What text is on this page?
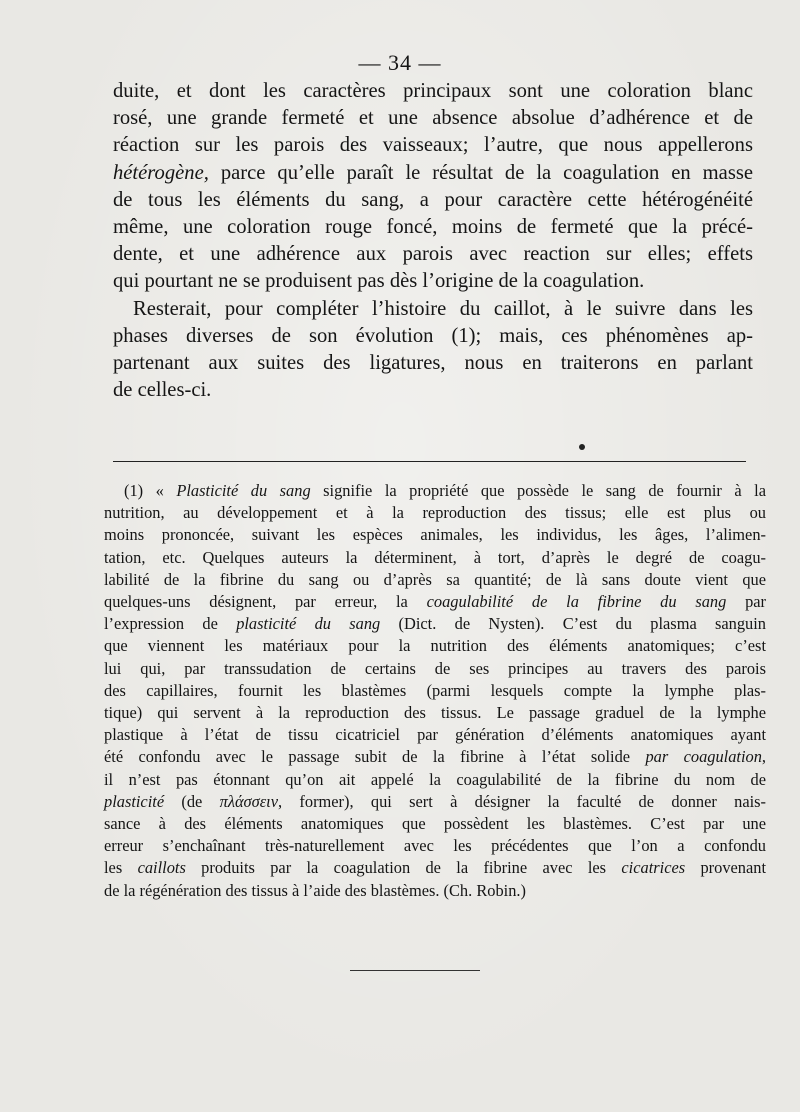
— 34 —
duite, et dont les caractères principaux sont une coloration blanc
rosé, une grande fermeté et une absence absolue d’adhérence et de
réaction sur les parois des vaisseaux; l’autre, que nous appellerons
hétérogène, parce qu’elle paraît le résultat de la coagulation en masse
de tous les éléments du sang, a pour caractère cette hétérogénéité
même, une coloration rouge foncé, moins de fermeté que la précé-
dente, et une adhérence aux parois avec reaction sur elles; effets
qui pourtant ne se produisent pas dès l’origine de la coagulation.
Resterait, pour compléter l’histoire du caillot, à le suivre dans les
phases diverses de son évolution (1); mais, ces phénomènes ap-
partenant aux suites des ligatures, nous en traiterons en parlant
de celles-ci.
(1) « Plasticité du sang signifie la propriété que possède le sang de fournir à la
nutrition, au développement et à la reproduction des tissus; elle est plus ou
moins prononcée, suivant les espèces animales, les individus, les âges, l’alimen-
tation, etc. Quelques auteurs la déterminent, à tort, d’après le degré de coagu-
labilité de la fibrine du sang ou d’après sa quantité; de là sans doute vient que
quelques-uns désignent, par erreur, la coagulabilité de la fibrine du sang par
l’expression de plasticité du sang (Dict. de Nysten). C’est du plasma sanguin
que viennent les matériaux pour la nutrition des éléments anatomiques; c’est
lui qui, par transsudation de certains de ses principes au travers des parois
des capillaires, fournit les blastèmes (parmi lesquels compte la lymphe plas-
tique) qui servent à la reproduction des tissus. Le passage graduel de la lymphe
plastique à l’état de tissu cicatriciel par génération d’éléments anatomiques ayant
été confondu avec le passage subit de la fibrine à l’état solide par coagulation,
il n’est pas étonnant qu’on ait appelé la coagulabilité de la fibrine du nom de
plasticité (de πλάσσειν, former), qui sert à désigner la faculté de donner nais-
sance à des éléments anatomiques que possèdent les blastèmes. C’est par une
erreur s’enchaînant très-naturellement avec les précédentes que l’on a confondu
les caillots produits par la coagulation de la fibrine avec les cicatrices provenant
de la régénération des tissus à l’aide des blastèmes. (Ch. Robin.)
